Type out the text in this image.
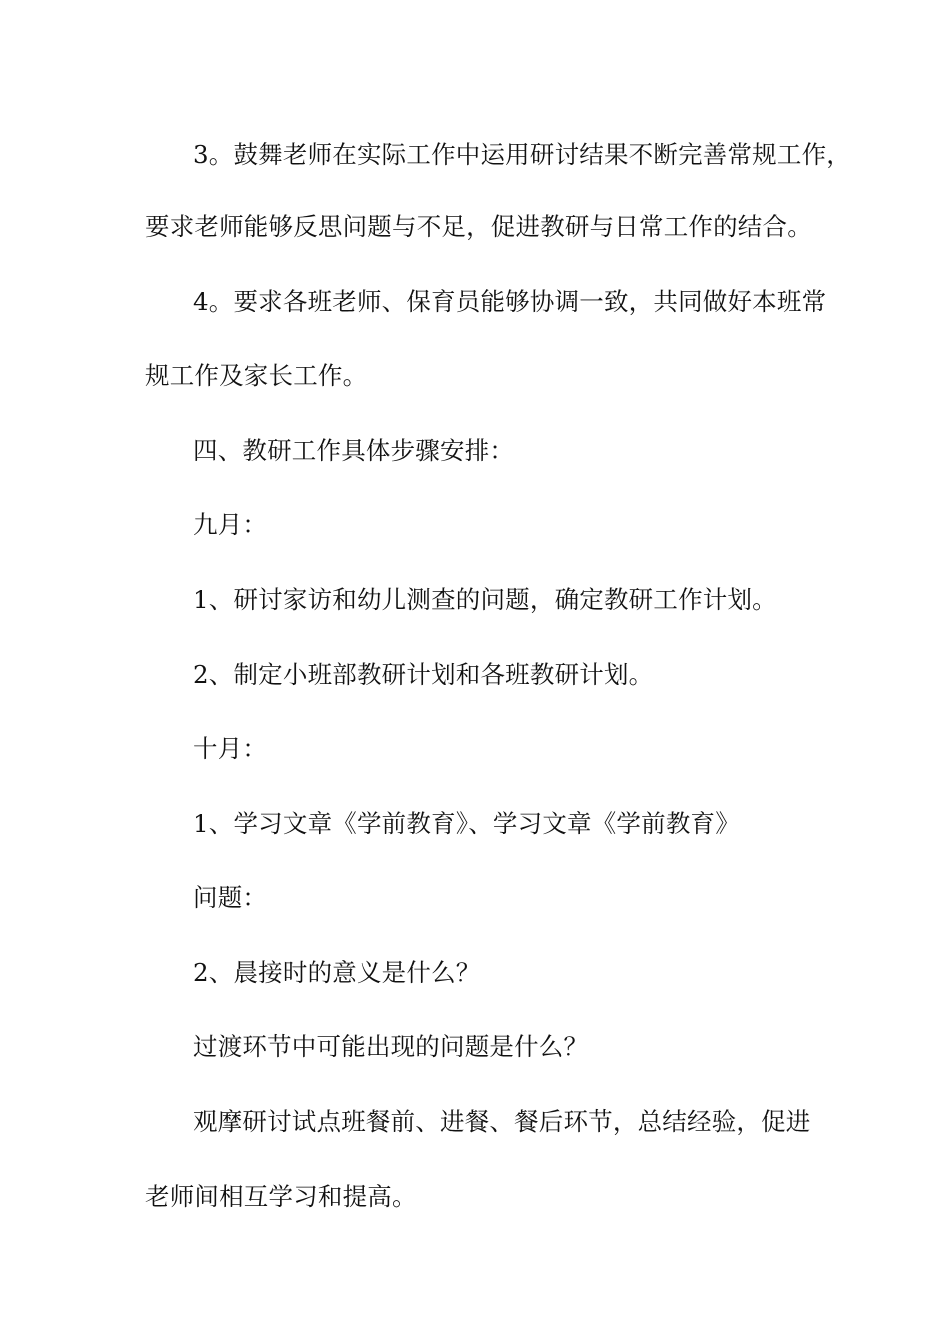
3。鼓舞老师在实际工作中运用研讨结果不断完善常规工作，
要求老师能够反思问题与不足，促进教研与日常工作的结合。
4。要求各班老师、保育员能够协调一致，共同做好本班常
规工作及家长工作。
四、教研工作具体步骤安排：
九月：
1、研讨家访和幼儿测查的问题，确定教研工作计划。
2、制定小班部教研计划和各班教研计划。
十月：
1、学习文章《学前教育》、学习文章《学前教育》
问题：
2、晨接时的意义是什么？
过渡环节中可能出现的问题是什么？
观摩研讨试点班餐前、进餐、餐后环节，总结经验，促进
老师间相互学习和提高。
